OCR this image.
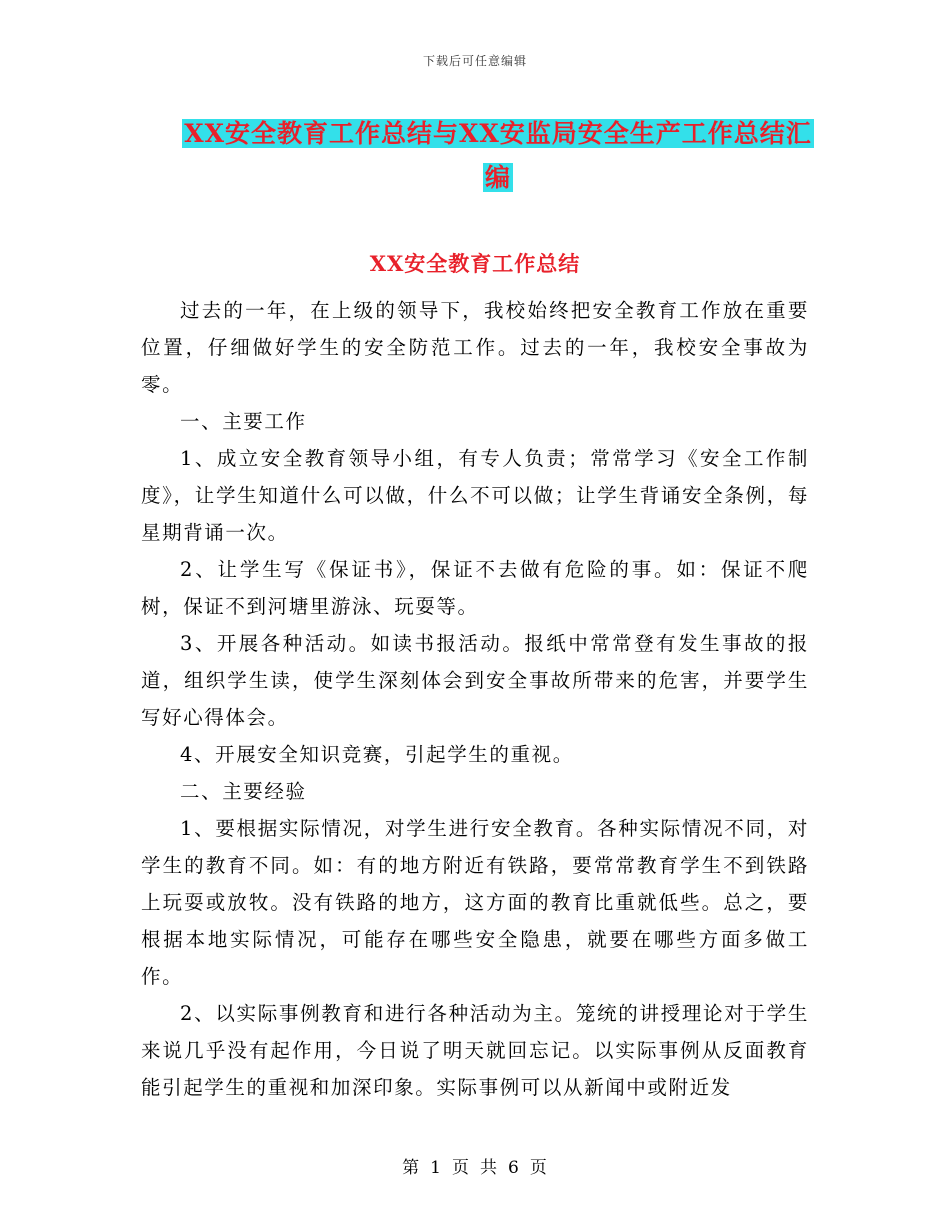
下载后可任意编辑
XX安全教育工作总结与XX安监局安全生产工作总结汇
编
XX安全教育工作总结

过去的一年，在上级的领导下，我校始终把安全教育工作放在重要位置，仔细做好学生的安全防范工作。过去的一年，我校安全事故为零。

一、主要工作

1、成立安全教育领导小组，有专人负责；常常学习《安全工作制度》，让学生知道什么可以做，什么不可以做；让学生背诵安全条例，每星期背诵一次。

2、让学生写《保证书》，保证不去做有危险的事。如：保证不爬树，保证不到河塘里游泳、玩耍等。

3、开展各种活动。如读书报活动。报纸中常常登有发生事故的报道，组织学生读，使学生深刻体会到安全事故所带来的危害，并要学生写好心得体会。

4、开展安全知识竞赛，引起学生的重视。

二、主要经验

1、要根据实际情况，对学生进行安全教育。各种实际情况不同，对学生的教育不同。如：有的地方附近有铁路，要常常教育学生不到铁路上玩耍或放牧。没有铁路的地方，这方面的教育比重就低些。总之，要根据本地实际情况，可能存在哪些安全隐患，就要在哪些方面多做工作。

2、以实际事例教育和进行各种活动为主。笼统的讲授理论对于学生来说几乎没有起作用，今日说了明天就回忘记。以实际事例从反面教育能引起学生的重视和加深印象。实际事例可以从新闻中或附近发

第 1 页 共 6 页
